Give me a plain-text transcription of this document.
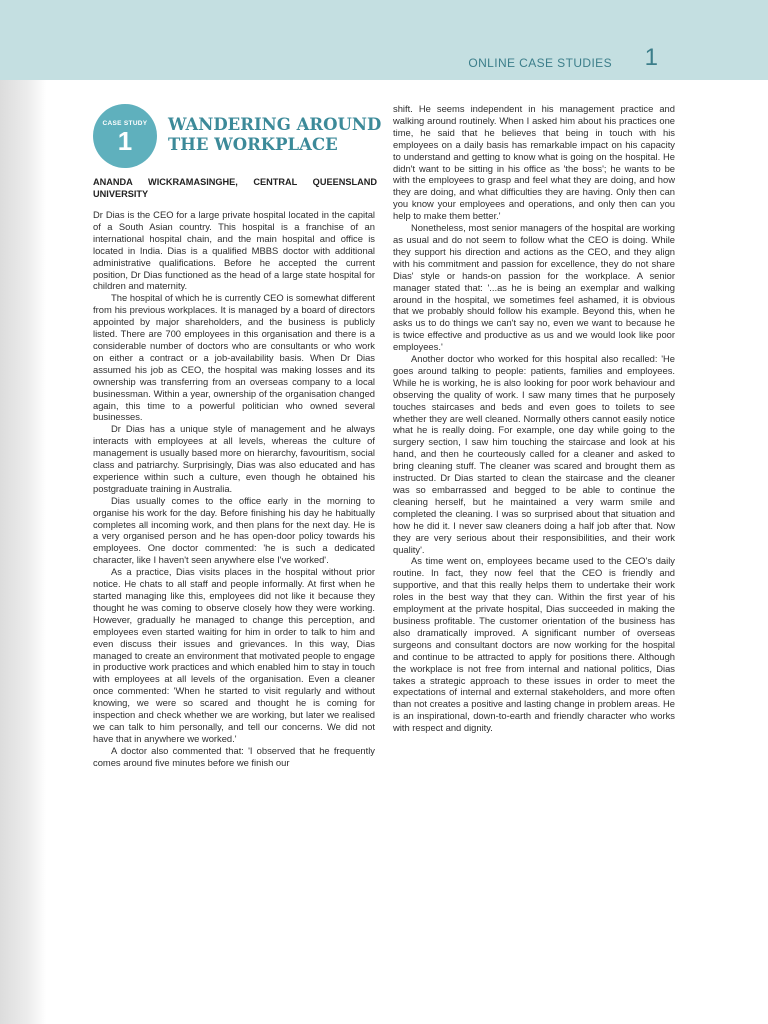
ONLINE CASE STUDIES 1
CASE STUDY
1
WANDERING AROUND THE WORKPLACE
ANANDA WICKRAMASINGHE, CENTRAL QUEENSLAND UNIVERSITY

Dr Dias is the CEO for a large private hospital located in the capital of a South Asian country. This hospital is a franchise of an international hospital chain, and the main hospital and office is located in India. Dias is a qualified MBBS doctor with additional administrative qualifications. Before he accepted the current position, Dr Dias functioned as the head of a large state hospital for children and maternity.

The hospital of which he is currently CEO is somewhat different from his previous workplaces. It is managed by a board of directors appointed by major shareholders, and the business is publicly listed. There are 700 employees in this organisation and there is a considerable number of doctors who are consultants or who work on either a contract or a job-availability basis. When Dr Dias assumed his job as CEO, the hospital was making losses and its ownership was transferring from an overseas company to a local businessman. Within a year, ownership of the organisation changed again, this time to a powerful politician who owned several businesses.

Dr Dias has a unique style of management and he always interacts with employees at all levels, whereas the culture of management is usually based more on hierarchy, favouritism, social class and patriarchy. Surprisingly, Dias was also educated and has experience within such a culture, even though he obtained his postgraduate training in Australia.

Dias usually comes to the office early in the morning to organise his work for the day. Before finishing his day he habitually completes all incoming work, and then plans for the next day. He is a very organised person and he has open-door policy towards his employees. One doctor commented: 'he is such a dedicated character, like I haven't seen anywhere else I've worked'.

As a practice, Dias visits places in the hospital without prior notice. He chats to all staff and people informally. At first when he started managing like this, employees did not like it because they thought he was coming to observe closely how they were working. However, gradually he managed to change this perception, and employees even started waiting for him in order to talk to him and even discuss their issues and grievances. In this way, Dias managed to create an environment that motivated people to engage in productive work practices and which enabled him to stay in touch with employees at all levels of the organisation. Even a cleaner once commented: 'When he started to visit regularly and without knowing, we were so scared and thought he is coming for inspection and check whether we are working, but later we realised we can talk to him personally, and tell our concerns. We did not have that in anywhere we worked.'

A doctor also commented that: 'I observed that he frequently comes around five minutes before we finish our

shift. He seems independent in his management practice and walking around routinely. When I asked him about his practices one time, he said that he believes that being in touch with his employees on a daily basis has remarkable impact on his capacity to understand and getting to know what is going on the hospital. He didn't want to be sitting in his office as 'the boss'; he wants to be with the employees to grasp and feel what they are doing, and how they are doing, and what difficulties they are having. Only then can you know your employees and operations, and only then can you help to make them better.'

Nonetheless, most senior managers of the hospital are working as usual and do not seem to follow what the CEO is doing. While they support his direction and actions as the CEO, and they align with his commitment and passion for excellence, they do not share Dias' style or hands-on passion for the workplace. A senior manager stated that: '...as he is being an exemplar and walking around in the hospital, we sometimes feel ashamed, it is obvious that we probably should follow his example. Beyond this, when he asks us to do things we can't say no, even we want to because he is twice effective and productive as us and we would look like poor employees.'

Another doctor who worked for this hospital also recalled: 'He goes around talking to people: patients, families and employees. While he is working, he is also looking for poor work behaviour and observing the quality of work. I saw many times that he purposely touches staircases and beds and even goes to toilets to see whether they are well cleaned. Normally others cannot easily notice what he is really doing. For example, one day while going to the surgery section, I saw him touching the staircase and look at his hand, and then he courteously called for a cleaner and asked to bring cleaning stuff. The cleaner was scared and brought them as instructed. Dr Dias started to clean the staircase and the cleaner was so embarrassed and begged to be able to continue the cleaning herself, but he maintained a very warm smile and completed the cleaning. I was so surprised about that situation and how he did it. I never saw cleaners doing a half job after that. Now they are very serious about their responsibilities, and their work quality'.

As time went on, employees became used to the CEO's daily routine. In fact, they now feel that the CEO is friendly and supportive, and that this really helps them to undertake their work roles in the best way that they can. Within the first year of his employment at the private hospital, Dias succeeded in making the business profitable. The customer orientation of the business has also dramatically improved. A significant number of overseas surgeons and consultant doctors are now working for the hospital and continue to be attracted to apply for positions there. Although the workplace is not free from internal and national politics, Dias takes a strategic approach to these issues in order to meet the expectations of internal and external stakeholders, and more often than not creates a positive and lasting change in problem areas. He is an inspirational, down-to-earth and friendly character who works with respect and dignity.
